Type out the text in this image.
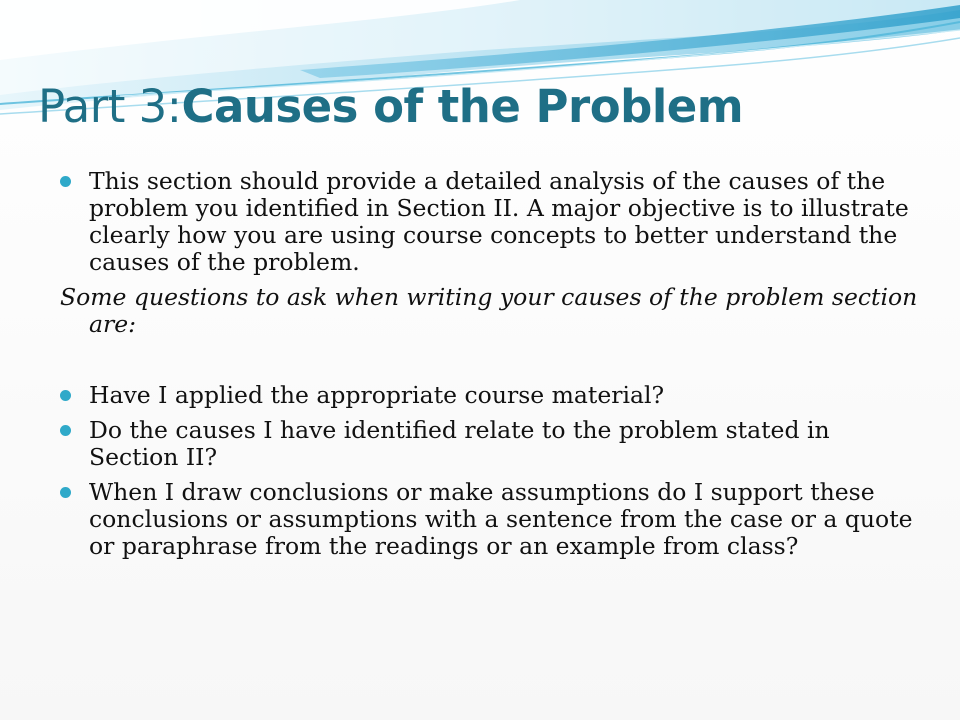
Part 3:Causes of the Problem

This section should provide a detailed analysis of the causes of the problem you identified in Section II. A major objective is to illustrate clearly how you are using course concepts to better understand the causes of the problem.

Some questions to ask when writing your causes of the problem section are:

Have I applied the appropriate course material?

Do the causes I have identified relate to the problem stated in Section II?

When I draw conclusions or make assumptions do I support these conclusions or assumptions with a sentence from the case or a quote or paraphrase from the readings or an example from class?
